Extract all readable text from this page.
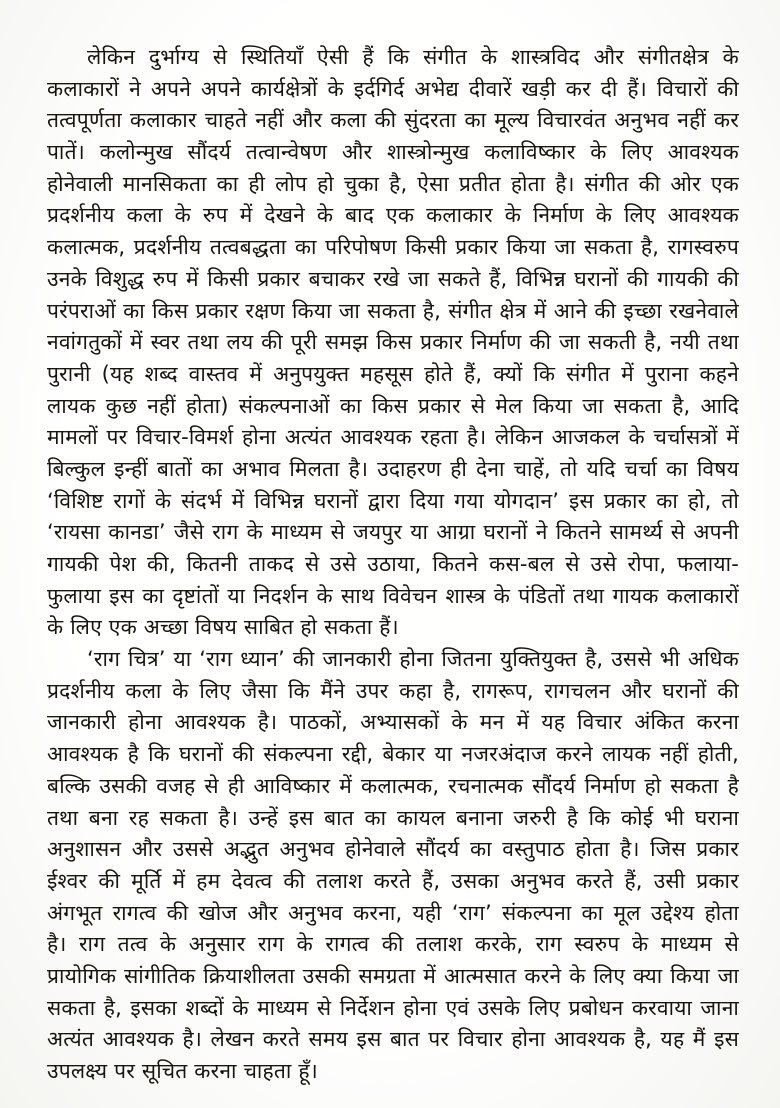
लेकिन दुर्भाग्य से स्थितियाँ ऐसी हैं कि संगीत के शास्त्रविद और संगीतक्षेत्र के
कलाकारों ने अपने अपने कार्यक्षेत्रों के इर्दगिर्द अभेद्य दीवारें खड़ी कर दी हैं। विचारों की
तत्वपूर्णता कलाकार चाहते नहीं और कला की सुंदरता का मूल्य विचारवंत अनुभव नहीं कर
पातें। कलोन्मुख सौंदर्य तत्वान्वेषण और शास्त्रोन्मुख कलाविष्कार के लिए आवश्यक
होनेवाली मानसिकता का ही लोप हो चुका है, ऐसा प्रतीत होता है। संगीत की ओर एक
प्रदर्शनीय कला के रुप में देखने के बाद एक कलाकार के निर्माण के लिए आवश्यक
कलात्मक, प्रदर्शनीय तत्वबद्धता का परिपोषण किसी प्रकार किया जा सकता है, रागस्वरुप
उनके विशुद्ध रुप में किसी प्रकार बचाकर रखे जा सकते हैं, विभिन्न घरानों की गायकी की
परंपराओं का किस प्रकार रक्षण किया जा सकता है, संगीत क्षेत्र में आने की इच्छा रखनेवाले
नवांगतुकों में स्वर तथा लय की पूरी समझ किस प्रकार निर्माण की जा सकती है, नयी तथा
पुरानी (यह शब्द वास्तव में अनुपयुक्त महसूस होते हैं, क्यों कि संगीत में पुराना कहने
लायक कुछ नहीं होता) संकल्पनाओं का किस प्रकार से मेल किया जा सकता है, आदि
मामलों पर विचार-विमर्श होना अत्यंत आवश्यक रहता है। लेकिन आजकल के चर्चासत्रों में
बिल्कुल इन्हीं बातों का अभाव मिलता है। उदाहरण ही देना चाहें, तो यदि चर्चा का विषय
‘विशिष्ट रागों के संदर्भ में विभिन्न घरानों द्वारा दिया गया योगदान’ इस प्रकार का हो, तो
‘रायसा कानडा’ जैसे राग के माध्यम से जयपुर या आग्रा घरानों ने कितने सामर्थ्य से अपनी
गायकी पेश की, कितनी ताकद से उसे उठाया, कितने कस-बल से उसे रोपा, फलाया-
फुलाया इस का दृष्टांतों या निदर्शन के साथ विवेचन शास्त्र के पंडितों तथा गायक कलाकारों
के लिए एक अच्छा विषय साबित हो सकता हैं।
‘राग चित्र’ या ‘राग ध्यान’ की जानकारी होना जितना युक्तियुक्त है, उससे भी अधिक
प्रदर्शनीय कला के लिए जैसा कि मैंने उपर कहा है, रागरूप, रागचलन और घरानों की
जानकारी होना आवश्यक है। पाठकों, अभ्यासकों के मन में यह विचार अंकित करना
आवश्यक है कि घरानों की संकल्पना रद्दी, बेकार या नजरअंदाज करने लायक नहीं होती,
बल्कि उसकी वजह से ही आविष्कार में कलात्मक, रचनात्मक सौंदर्य निर्माण हो सकता है
तथा बना रह सकता है। उन्हें इस बात का कायल बनाना जरुरी है कि कोई भी घराना
अनुशासन और उससे अद्भुत अनुभव होनेवाले सौंदर्य का वस्तुपाठ होता है। जिस प्रकार
ईश्वर की मूर्ति में हम देवत्व की तलाश करते हैं, उसका अनुभव करते हैं, उसी प्रकार
अंगभूत रागत्व की खोज और अनुभव करना, यही ‘राग’ संकल्पना का मूल उद्देश्य होता
है। राग तत्व के अनुसार राग के रागत्व की तलाश करके, राग स्वरुप के माध्यम से
प्रायोगिक सांगीतिक क्रियाशीलता उसकी समग्रता में आत्मसात करने के लिए क्या किया जा
सकता है, इसका शब्दों के माध्यम से निर्देशन होना एवं उसके लिए प्रबोधन करवाया जाना
अत्यंत आवश्यक है। लेखन करते समय इस बात पर विचार होना आवश्यक है, यह मैं इस
उपलक्ष्य पर सूचित करना चाहता हूँ।
